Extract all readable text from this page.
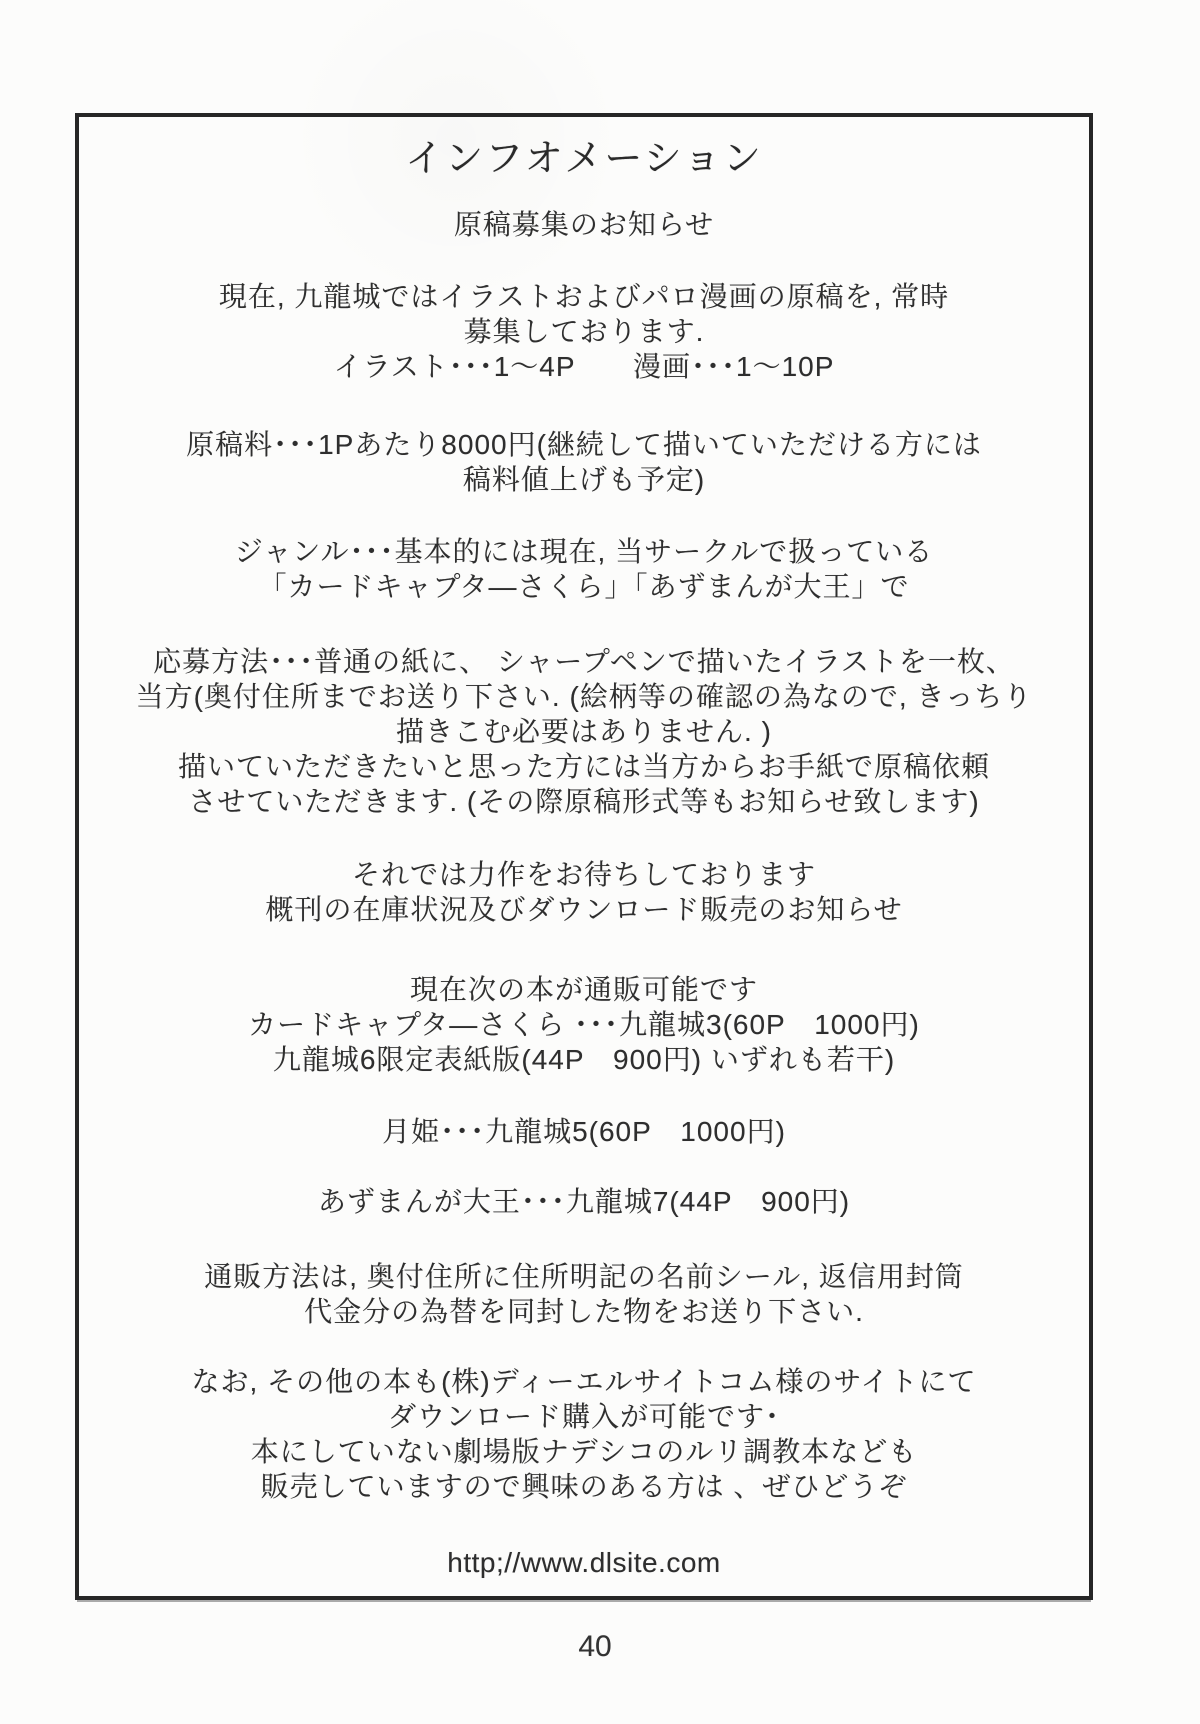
インフオメーション
原稿募集のお知らせ

現在, 九龍城ではイラストおよびパロ漫画の原稿を, 常時
募集しております.
イラスト･･･1～4P　　漫画･･･1～10P

原稿料･･･1Pあたり8000円(継続して描いていただける方には
稿料値上げも予定)

ジャンル･･･基本的には現在, 当サークルで扱っている
「カードキャプタ—さくら」「あずまんが大王」で

応募方法･･･普通の紙に、 シャープペンで描いたイラストを一枚、
当方(奥付住所までお送り下さい. (絵柄等の確認の為なので, きっちり
描きこむ必要はありません. )
描いていただきたいと思った方には当方からお手紙で原稿依頼
させていただきます. (その際原稿形式等もお知らせ致します)

それでは力作をお待ちしております
概刊の在庫状況及びダウンロード販売のお知らせ

現在次の本が通販可能です
カードキャプタ—さくら ･･･九龍城3(60P　1000円)
九龍城6限定表紙版(44P　900円) いずれも若干)

月姫･･･九龍城5(60P　1000円)

あずまんが大王･･･九龍城7(44P　900円)

通販方法は, 奥付住所に住所明記の名前シール, 返信用封筒
代金分の為替を同封した物をお送り下さい.

なお, その他の本も(株)ディーエルサイトコム様のサイトにて
ダウンロード購入が可能です･
本にしていない劇場版ナデシコのルリ調教本なども
販売していますので興味のある方は 、ぜひどうぞ

http;//www.dlsite.com

40
